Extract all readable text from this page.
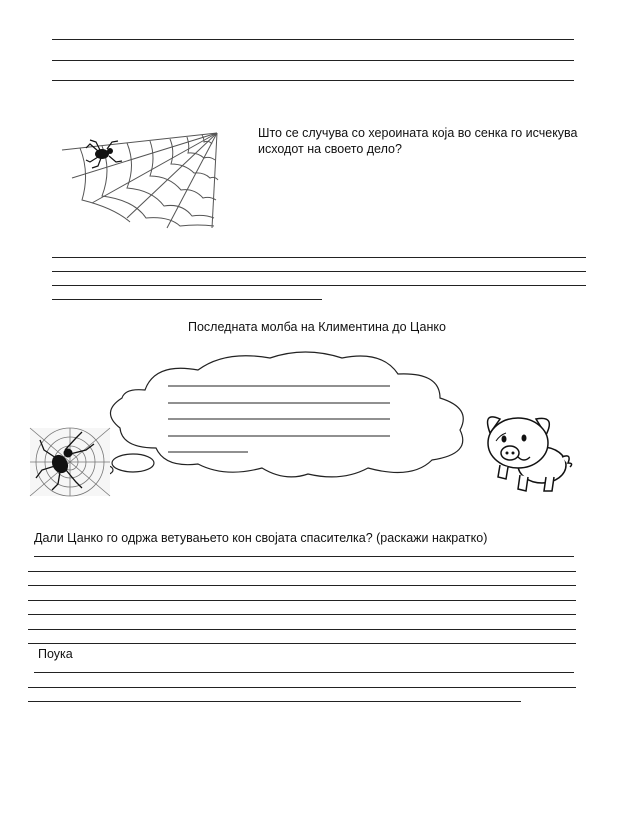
Што се случува со хероината која во сенка го исчекува
исходот на своето дело?
Последната молба на Климентина до Цанко
Дали Цанко го одржа ветувањето кон својата спасителка? (раскажи накратко)
Поука
